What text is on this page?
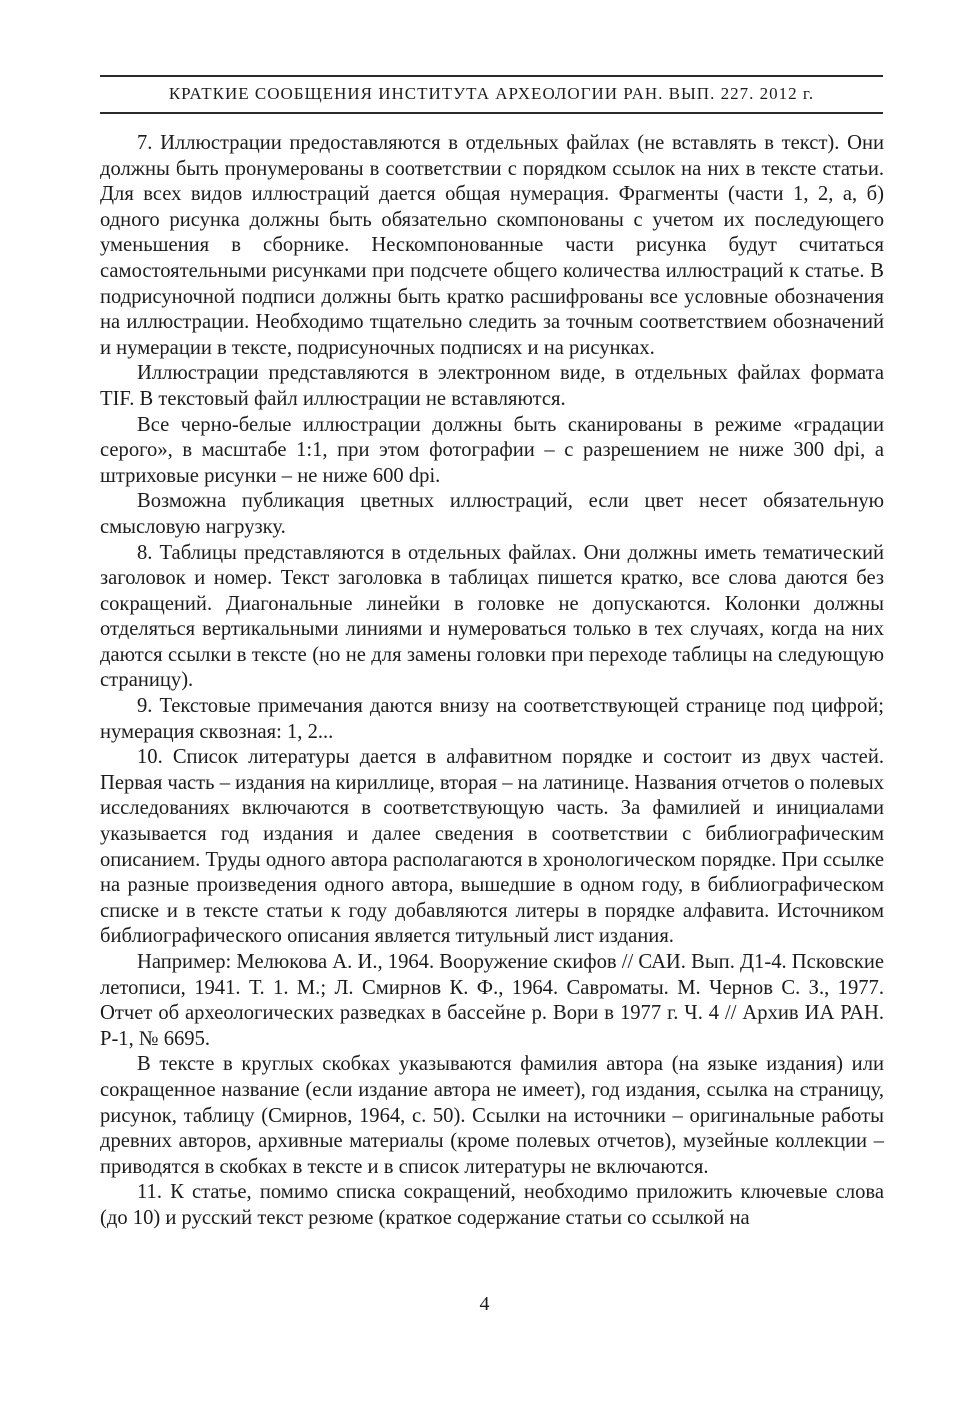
КРАТКИЕ СООБЩЕНИЯ ИНСТИТУТА АРХЕОЛОГИИ РАН. ВЫП. 227. 2012 г.

7. Иллюстрации предоставляются в отдельных файлах (не вставлять в текст). Они должны быть пронумерованы в соответствии с порядком ссылок на них в тексте статьи. Для всех видов иллюстраций дается общая нумерация. Фрагменты (части 1, 2, а, б) одного рисунка должны быть обязательно скомпонованы с учетом их последующего уменьшения в сборнике. Нескомпонованные части рисунка будут считаться самостоятельными рисунками при подсчете общего количества иллюстраций к статье. В подрисуночной подписи должны быть кратко расшифрованы все условные обозначения на иллюстрации. Необходимо тщательно следить за точным соответствием обозначений и нумерации в тексте, подрисуночных подписях и на рисунках.

Иллюстрации представляются в электронном виде, в отдельных файлах формата TIF. В текстовый файл иллюстрации не вставляются.

Все черно-белые иллюстрации должны быть сканированы в режиме «градации серого», в масштабе 1:1, при этом фотографии – с разрешением не ниже 300 dpi, а штриховые рисунки – не ниже 600 dpi.

Возможна публикация цветных иллюстраций, если цвет несет обязательную смысловую нагрузку.

8. Таблицы представляются в отдельных файлах. Они должны иметь тематический заголовок и номер. Текст заголовка в таблицах пишется кратко, все слова даются без сокращений. Диагональные линейки в головке не допускаются. Колонки должны отделяться вертикальными линиями и нумероваться только в тех случаях, когда на них даются ссылки в тексте (но не для замены головки при переходе таблицы на следующую страницу).

9. Текстовые примечания даются внизу на соответствующей странице под цифрой; нумерация сквозная: 1, 2...

10. Список литературы дается в алфавитном порядке и состоит из двух частей. Первая часть – издания на кириллице, вторая – на латинице. Названия отчетов о полевых исследованиях включаются в соответствующую часть. За фамилией и инициалами указывается год издания и далее сведения в соответствии с библиографическим описанием. Труды одного автора располагаются в хронологическом порядке. При ссылке на разные произведения одного автора, вышедшие в одном году, в библиографическом списке и в тексте статьи к году добавляются литеры в порядке алфавита. Источником библиографического описания является титульный лист издания.

Например: Мелюкова А. И., 1964. Вооружение скифов // САИ. Вып. Д1-4. Псковские летописи, 1941. Т. 1. М.; Л. Смирнов К. Ф., 1964. Савроматы. М. Чернов С. З., 1977. Отчет об археологических разведках в бассейне р. Вори в 1977 г. Ч. 4 // Архив ИА РАН. Р-1, № 6695.

В тексте в круглых скобках указываются фамилия автора (на языке издания) или сокращенное название (если издание автора не имеет), год издания, ссылка на страницу, рисунок, таблицу (Смирнов, 1964, с. 50). Ссылки на источники – оригинальные работы древних авторов, архивные материалы (кроме полевых отчетов), музейные коллекции – приводятся в скобках в тексте и в список литературы не включаются.

11. К статье, помимо списка сокращений, необходимо приложить ключевые слова (до 10) и русский текст резюме (краткое содержание статьи со ссылкой на

4
